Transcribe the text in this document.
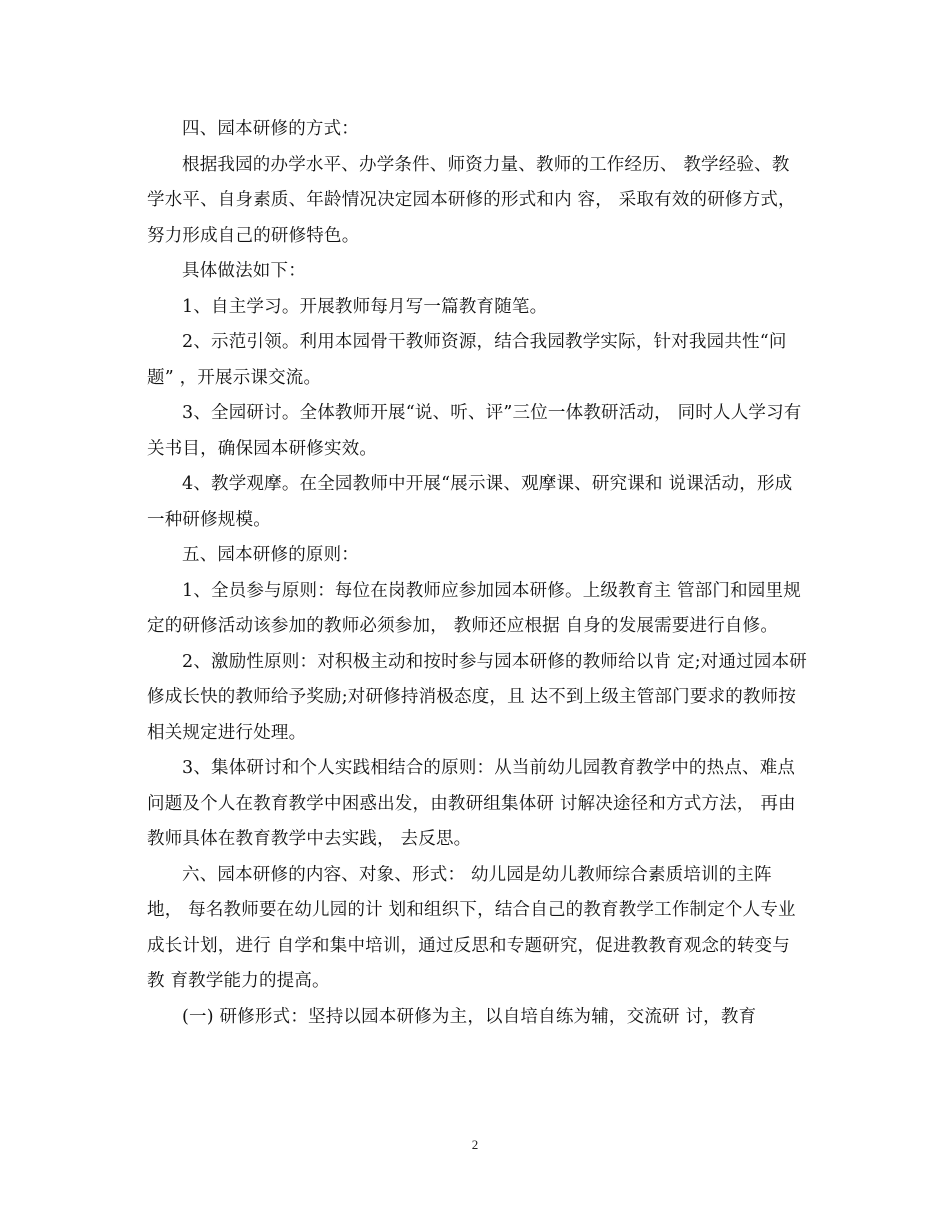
四、园本研修的方式：

根据我园的办学水平、办学条件、师资力量、教师的工作经历、 教学经验、教学水平、自身素质、年龄情况决定园本研修的形式和内 容， 采取有效的研修方式， 努力形成自己的研修特色。

具体做法如下：

1、自主学习。开展教师每月写一篇教育随笔。

2、示范引领。利用本园骨干教师资源，结合我园教学实际，针对我园共性“问题” ，开展示课交流。

3、全园研讨。全体教师开展“说、听、评”三位一体教研活动， 同时人人学习有关书目，确保园本研修实效。

4、教学观摩。在全园教师中开展“展示课、观摩课、研究课和 说课活动，形成一种研修规模。

五、园本研修的原则：

1、全员参与原则：每位在岗教师应参加园本研修。上级教育主 管部门和园里规定的研修活动该参加的教师必须参加， 教师还应根据 自身的发展需要进行自修。

2、激励性原则：对积极主动和按时参与园本研修的教师给以肯 定;对通过园本研修成长快的教师给予奖励;对研修持消极态度，且 达不到上级主管部门要求的教师按相关规定进行处理。

3、集体研讨和个人实践相结合的原则：从当前幼儿园教育教学中的热点、难点问题及个人在教育教学中困惑出发，由教研组集体研 讨解决途径和方式方法， 再由教师具体在教育教学中去实践， 去反思。

六、园本研修的内容、对象、形式： 幼儿园是幼儿教师综合素质培训的主阵地， 每名教师要在幼儿园的计 划和组织下，结合自己的教育教学工作制定个人专业成长计划，进行 自学和集中培训，通过反思和专题研究，促进教教育观念的转变与教 育教学能力的提高。

(一) 研修形式：坚持以园本研修为主，以自培自练为辅，交流研 讨，教育

2
